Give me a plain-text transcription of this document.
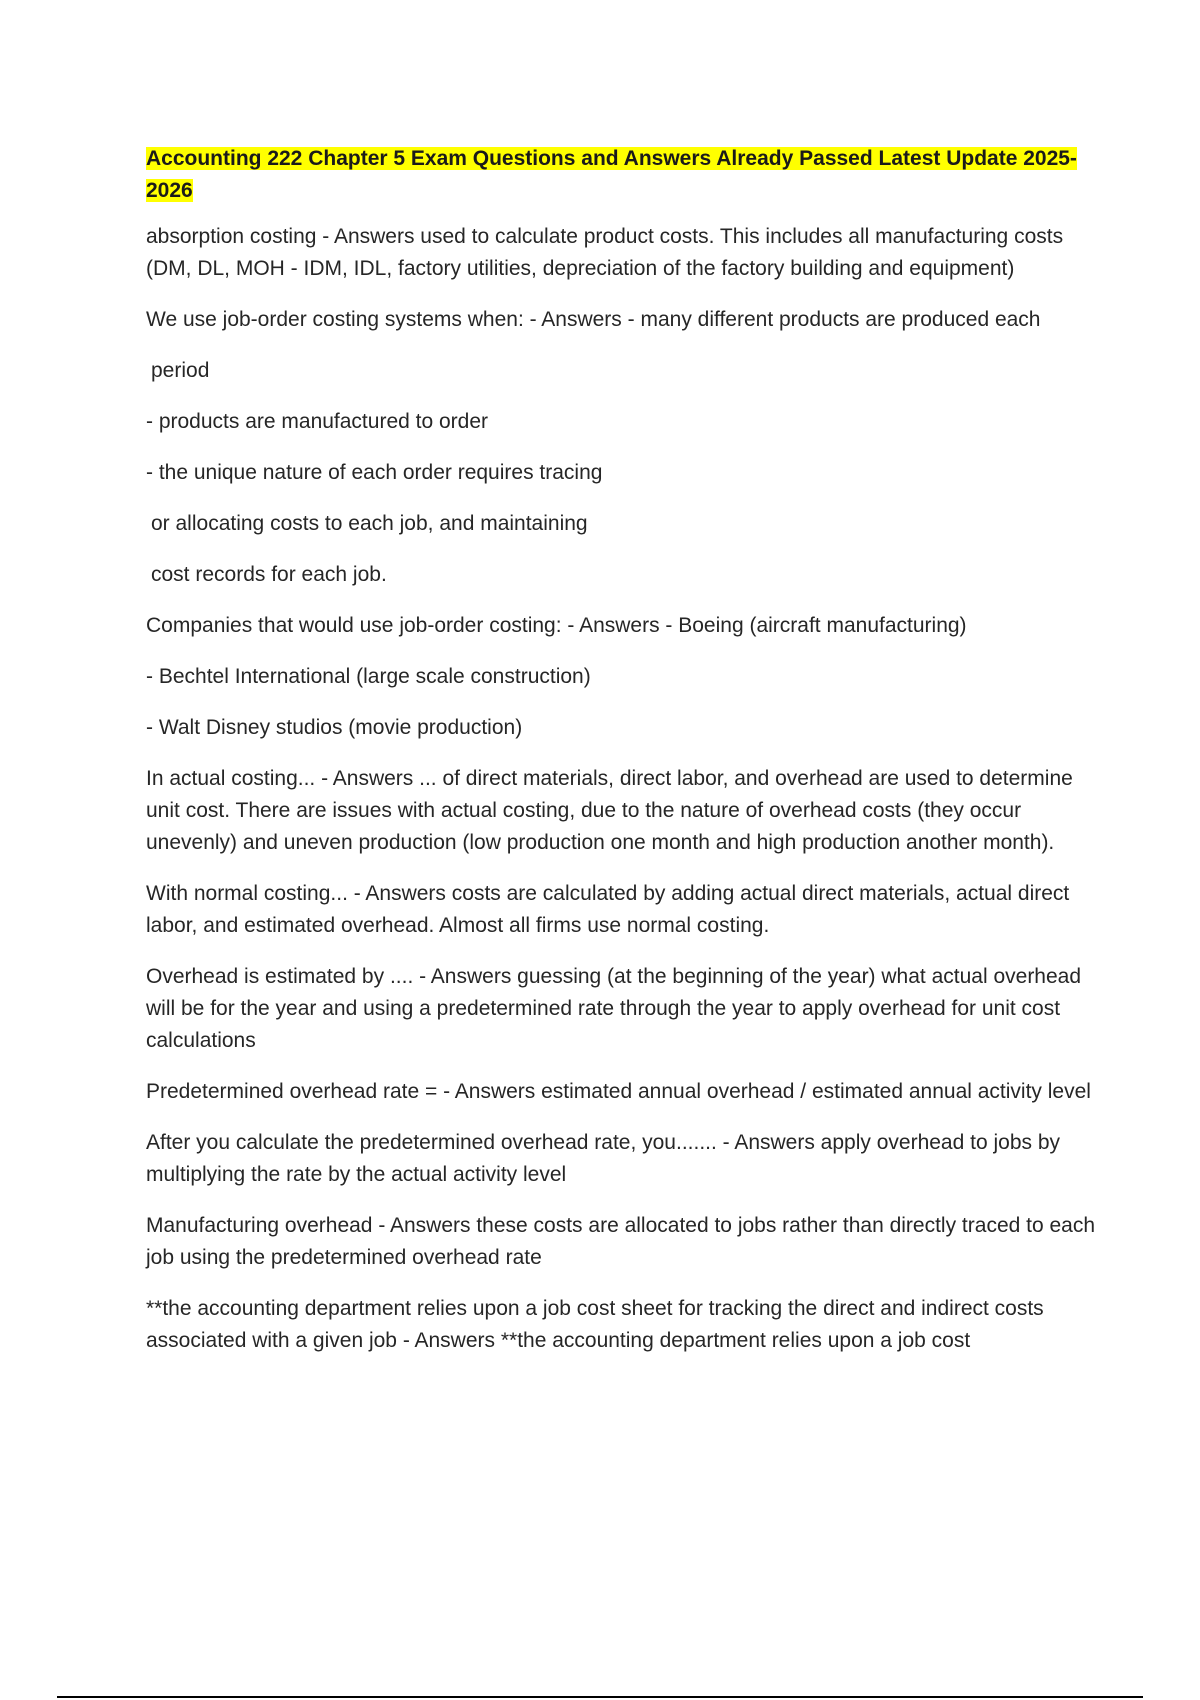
Accounting 222 Chapter 5 Exam Questions and Answers Already Passed Latest Update 2025-2026

absorption costing - Answers used to calculate product costs. This includes all manufacturing costs (DM, DL, MOH - IDM, IDL, factory utilities, depreciation of the factory building and equipment)

We use job-order costing systems when: - Answers - many different products are produced each

period

- products are manufactured to order

- the unique nature of each order requires tracing

or allocating costs to each job, and maintaining

cost records for each job.

Companies that would use job-order costing: - Answers - Boeing (aircraft manufacturing)

- Bechtel International (large scale construction)

- Walt Disney studios (movie production)

In actual costing... - Answers ... of direct materials, direct labor, and overhead are used to determine unit cost. There are issues with actual costing, due to the nature of overhead costs (they occur unevenly) and uneven production (low production one month and high production another month).

With normal costing... - Answers costs are calculated by adding actual direct materials, actual direct labor, and estimated overhead. Almost all firms use normal costing.

Overhead is estimated by .... - Answers guessing (at the beginning of the year) what actual overhead will be for the year and using a predetermined rate through the year to apply overhead for unit cost calculations

Predetermined overhead rate = - Answers estimated annual overhead / estimated annual activity level

After you calculate the predetermined overhead rate, you....... - Answers apply overhead to jobs by multiplying the rate by the actual activity level

Manufacturing overhead - Answers these costs are allocated to jobs rather than directly traced to each job using the predetermined overhead rate

**the accounting department relies upon a job cost sheet for tracking the direct and indirect costs associated with a given job - Answers **the accounting department relies upon a job cost
